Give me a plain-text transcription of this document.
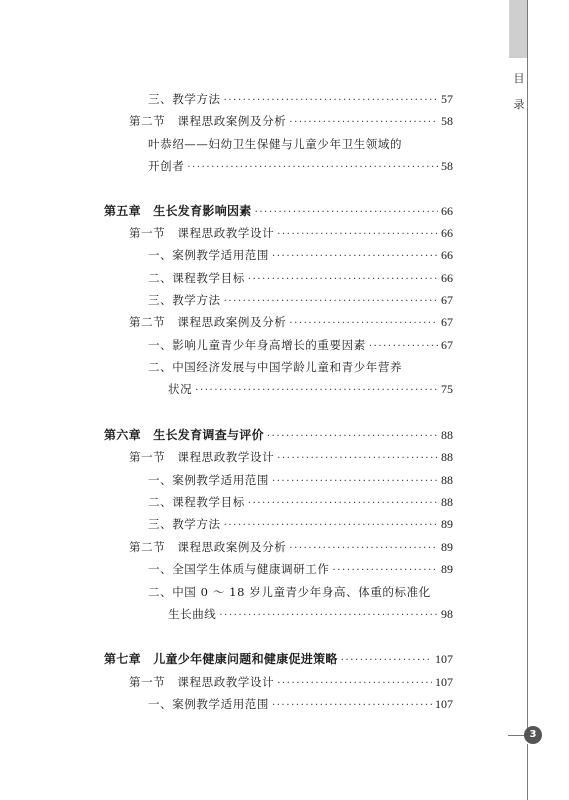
目
录
3
三、教学方法 ·····	57
第二节　课程思政案例及分析 ·····	58
叶恭绍——妇幼卫生保健与儿童少年卫生领域的
开创者 ·····	58
第五章　生长发育影响因素 ·····	66
第一节　课程思政教学设计 ·····	66
一、案例教学适用范围 ·····	66
二、课程教学目标 ·····	66
三、教学方法 ·····	67
第二节　课程思政案例及分析 ·····	67
一、影响儿童青少年身高增长的重要因素 ·····	67
二、中国经济发展与中国学龄儿童和青少年营养
状况 ·····	75
第六章　生长发育调查与评价 ·····	88
第一节　课程思政教学设计 ·····	88
一、案例教学适用范围 ·····	88
二、课程教学目标 ·····	88
三、教学方法 ·····	89
第二节　课程思政案例及分析 ·····	89
一、全国学生体质与健康调研工作 ·····	89
二、中国 0 ～ 18 岁儿童青少年身高、体重的标准化
生长曲线 ·····	98
第七章　儿童少年健康问题和健康促进策略 ·····	107
第一节　课程思政教学设计 ·····	107
一、案例教学适用范围 ·····	107
